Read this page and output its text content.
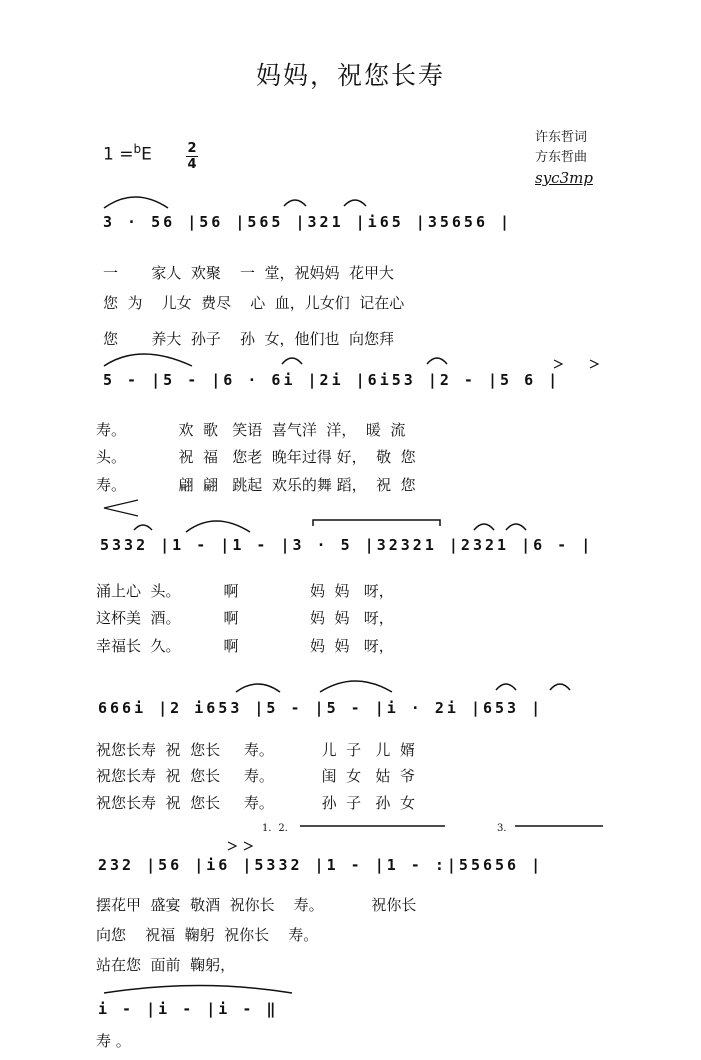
妈妈，祝您长寿
1 =$^b$E	2
4
许东哲词
方东哲曲
syc3mp
3 · 56 |56 |565 |321 |i65 |35656 |
一       家人  欢聚    一  堂，祝妈妈  花甲大
您  为    儿女  费尽    心  血，儿女们  记在心
您       养大  孙子    孙  女，他们也  向您拜
5 - |5 - |6 · 6i |2i |6i53 |2 - |5 6 |
寿。           欢  歌   笑语  喜气洋  洋，  暖  流
头。           祝  福   您老  晚年过得 好，  敬  您
寿。           翩  翩   跳起  欢乐的舞 蹈，  祝  您
5332 |1 - |1 - |3 · 5 |32321 |2321 |6 - |
涌上心  头。         啊               妈  妈   呀，
这杯美  酒。         啊               妈  妈   呀，
幸福长  久。         啊               妈  妈   呀，
666i |2 i653 |5 - |5 - |i · 2i |653 |
祝您长寿  祝  您长     寿。          儿  子   儿  婿
祝您长寿  祝  您长     寿。          闺  女   姑  爷
祝您长寿  祝  您长     寿。          孙  子   孙  女
1．2．	3．
232 |56 |i6 |5332 |1 - |1 - :|55656 |
摆花甲  盛宴  敬酒  祝你长    寿。          祝你长
向您    祝福  鞠躬  祝你长    寿。
站在您  面前  鞠躬，
i - |i - |i - ‖
寿 。
